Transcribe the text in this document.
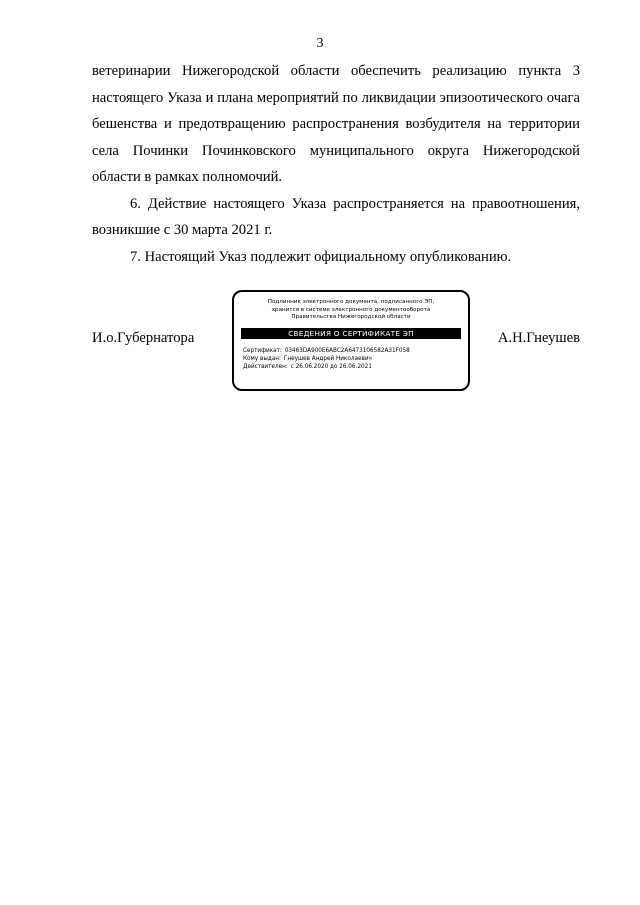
3

ветеринарии Нижегородской области обеспечить реализацию пункта 3 настоящего Указа и плана мероприятий по ликвидации эпизоотического очага бешенства и предотвращению распространения возбудителя на территории села Починки Починковского муниципального округа Нижегородской области в рамках полномочий.

6. Действие настоящего Указа распространяется на правоотношения, возникшие с 30 марта 2021 г.

7. Настоящий Указ подлежит официальному опубликованию.

И.о.Губернатора
Подлинник электронного документа, подписанного ЭП,
хранится в системе электронного документооборота
Правительства Нижегородской области
СВЕДЕНИЯ О СЕРТИФИКАТЕ ЭП
Сертификат: 03463DA900E6ABC2A6473106582A31F058
Кому выдан: Гнеушев Андрей Николаевич
Действителен: с 26.06.2020 до 26.06.2021
А.Н.Гнеушев
